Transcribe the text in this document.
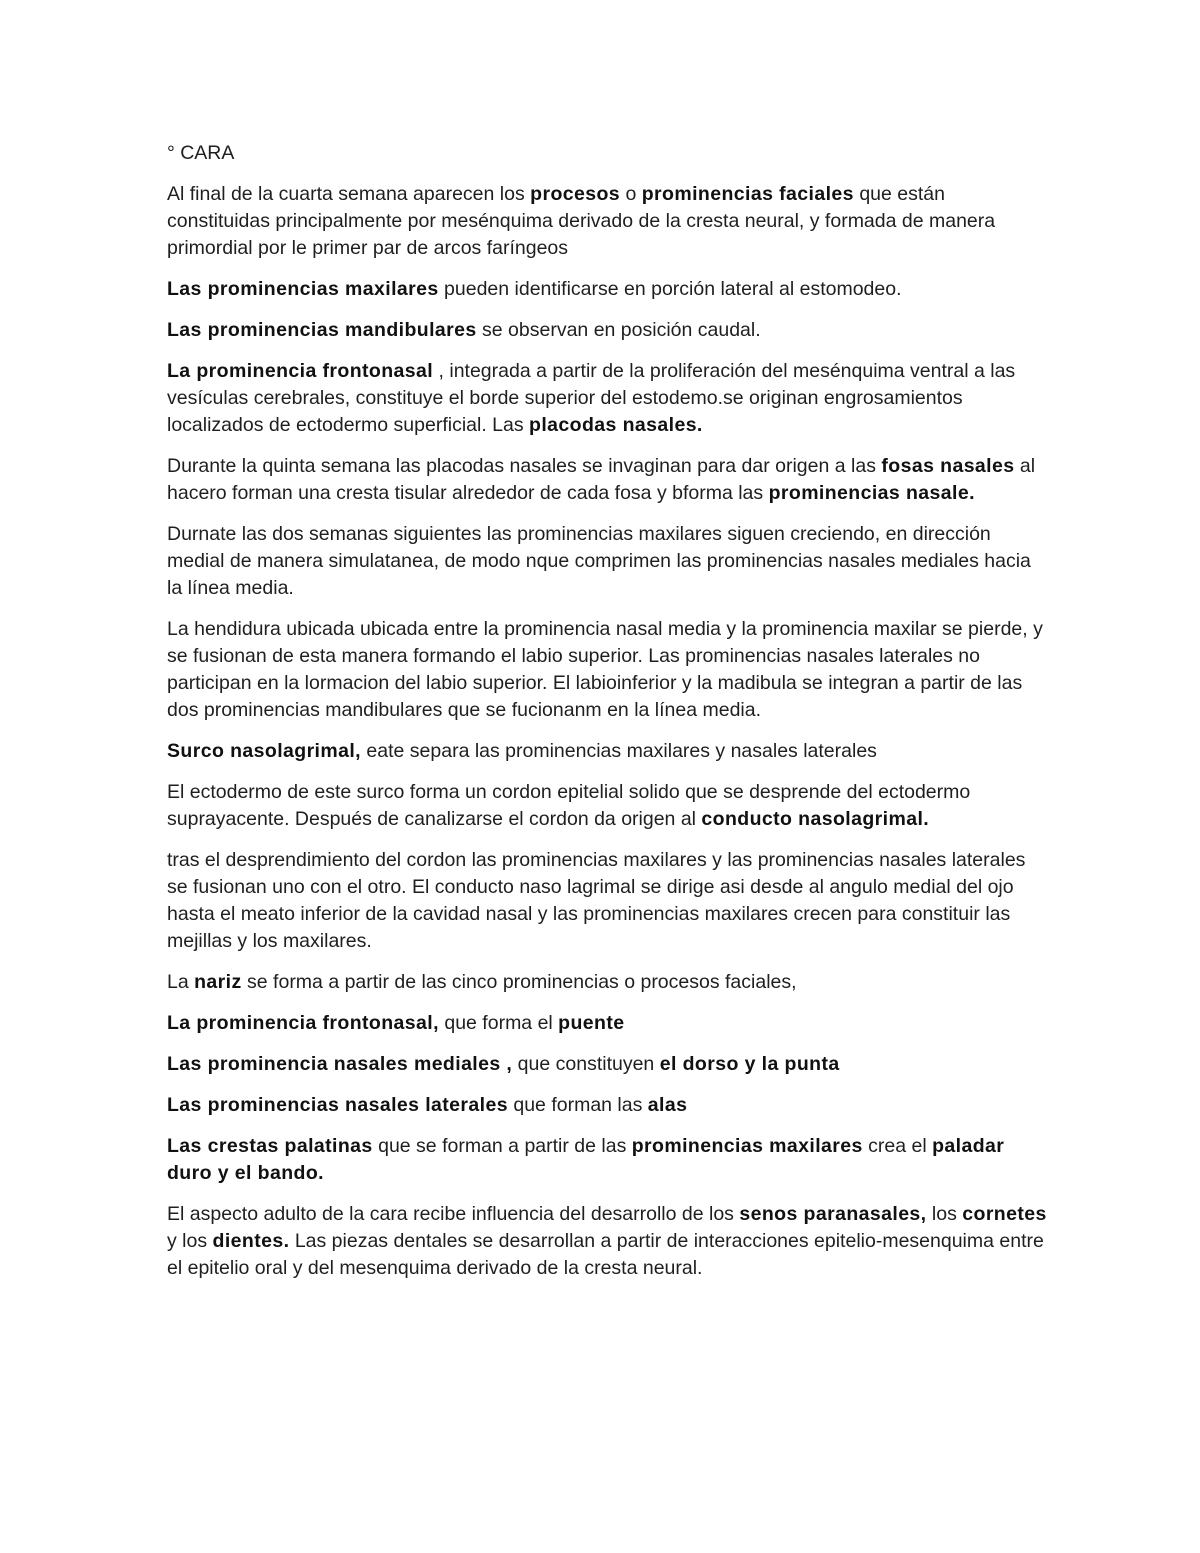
° CARA

Al final de la cuarta semana aparecen los procesos o prominencias faciales que están constituidas principalmente por mesénquima derivado de la cresta neural, y formada de manera primordial por le primer par de arcos faríngeos

Las prominencias maxilares pueden identificarse en porción lateral al estomodeo.

Las prominencias mandibulares se observan en posición caudal.

La prominencia frontonasal , integrada a partir de la proliferación del mesénquima ventral a las vesículas cerebrales, constituye el borde superior del estodemo.se originan engrosamientos localizados de ectodermo superficial. Las placodas nasales.

Durante la quinta semana las placodas nasales se invaginan para dar origen a las fosas nasales al hacero forman una cresta tisular alrededor de cada fosa y bforma las prominencias nasale.

Durnate las dos semanas siguientes las prominencias maxilares siguen creciendo, en dirección medial de manera simulatanea, de modo nque comprimen las prominencias nasales mediales hacia la línea media.

La hendidura ubicada ubicada entre la prominencia nasal media y la prominencia maxilar se pierde, y se fusionan de esta manera formando el labio superior. Las prominencias nasales laterales no participan en la lormacion del labio superior. El labioinferior y la madibula se integran a partir de las dos prominencias mandibulares que se fucionanm en la línea media.

Surco nasolagrimal, eate separa las prominencias maxilares y nasales laterales

El ectodermo de este surco forma un cordon epitelial solido que se desprende del ectodermo suprayacente. Después de canalizarse el cordon da origen al conducto nasolagrimal.

tras el desprendimiento del cordon las prominencias maxilares y las prominencias nasales laterales se fusionan uno con el otro. El conducto naso lagrimal se dirige asi desde al angulo medial del ojo hasta el meato inferior de la cavidad nasal y las prominencias maxilares crecen para constituir las mejillas y los maxilares.

La nariz se forma a partir de las cinco prominencias o procesos faciales,

La prominencia frontonasal, que forma el puente

Las prominencia nasales mediales , que constituyen el dorso y la punta

Las prominencias nasales laterales que forman las alas

Las crestas palatinas que se forman a partir de las prominencias maxilares crea el paladar duro y el bando.

El aspecto adulto de la cara recibe influencia del desarrollo de los senos paranasales, los cornetes y los dientes. Las piezas dentales se desarrollan a partir de interacciones epitelio-mesenquima entre el epitelio oral y del mesenquima derivado de la cresta neural.
